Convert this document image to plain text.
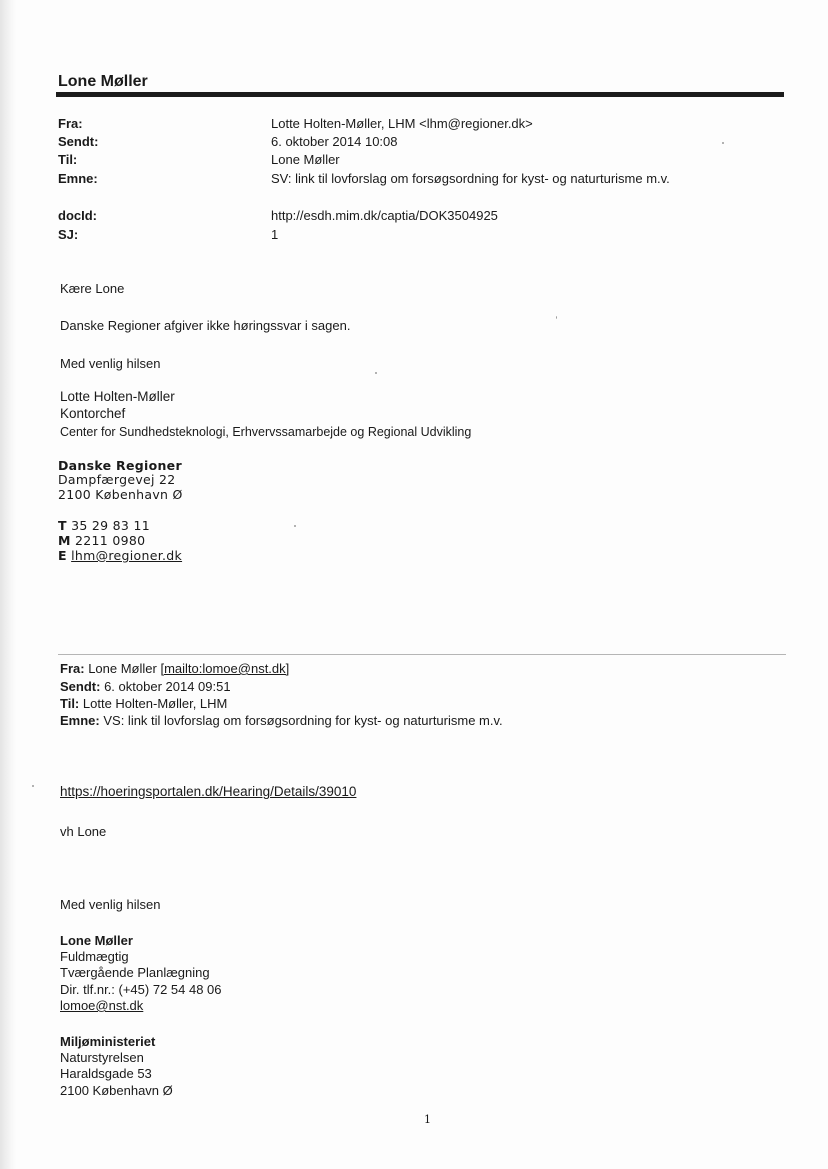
Lone Møller
Fra:	Lotte Holten-Møller, LHM <lhm@regioner.dk>
Sendt:	6. oktober 2014 10:08
Til:	Lone Møller
Emne:	SV: link til lovforslag om forsøgsordning for kyst- og naturturisme m.v.
docId:	http://esdh.mim.dk/captia/DOK3504925
SJ:	1
Kære Lone
Danske Regioner afgiver ikke høringssvar i sagen.
Med venlig hilsen
Lotte Holten-Møller
Kontorchef
Center for Sundhedsteknologi, Erhvervssamarbejde og Regional Udvikling
Danske Regioner
Dampfærgevej 22
2100 København Ø
T 35 29 83 11
M 2211 0980
E lhm@regioner.dk
Fra: Lone Møller [mailto:lomoe@nst.dk]
Sendt: 6. oktober 2014 09:51
Til: Lotte Holten-Møller, LHM
Emne: VS: link til lovforslag om forsøgsordning for kyst- og naturturisme m.v.
https://hoeringsportalen.dk/Hearing/Details/39010
vh Lone
Med venlig hilsen
Lone Møller
Fuldmægtig
Tværgående Planlægning
Dir. tlf.nr.: (+45) 72 54 48 06
lomoe@nst.dk
Miljøministeriet
Naturstyrelsen
Haraldsgade 53
2100 København Ø
1
